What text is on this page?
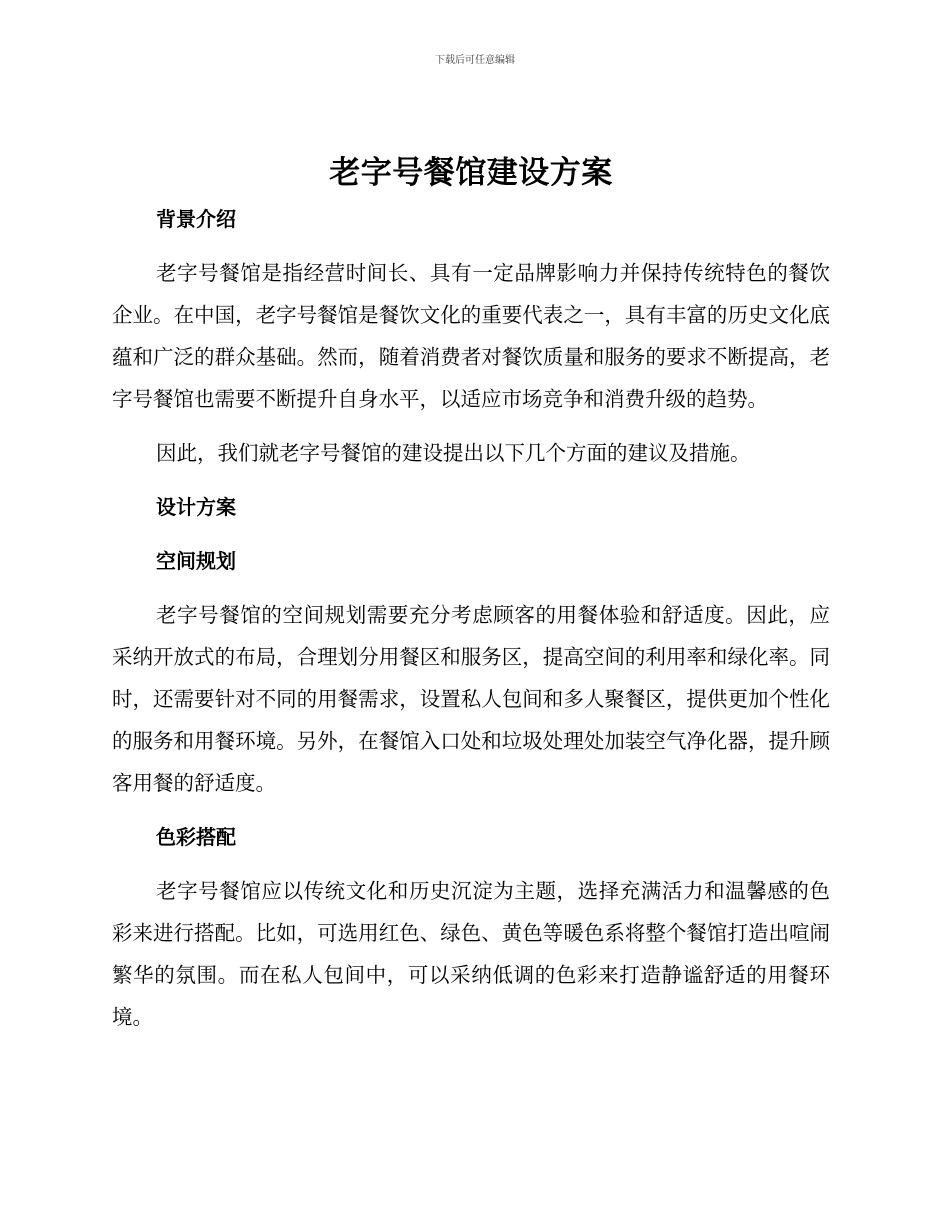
下载后可任意编辑
老字号餐馆建设方案
背景介绍

老字号餐馆是指经营时间长、具有一定品牌影响力并保持传统特色的餐饮企业。在中国，老字号餐馆是餐饮文化的重要代表之一，具有丰富的历史文化底蕴和广泛的群众基础。然而，随着消费者对餐饮质量和服务的要求不断提高，老字号餐馆也需要不断提升自身水平，以适应市场竞争和消费升级的趋势。

因此，我们就老字号餐馆的建设提出以下几个方面的建议及措施。

设计方案
空间规划

老字号餐馆的空间规划需要充分考虑顾客的用餐体验和舒适度。因此，应采纳开放式的布局，合理划分用餐区和服务区，提高空间的利用率和绿化率。同时，还需要针对不同的用餐需求，设置私人包间和多人聚餐区，提供更加个性化的服务和用餐环境。另外，在餐馆入口处和垃圾处理处加装空气净化器，提升顾客用餐的舒适度。

色彩搭配

老字号餐馆应以传统文化和历史沉淀为主题，选择充满活力和温馨感的色彩来进行搭配。比如，可选用红色、绿色、黄色等暖色系将整个餐馆打造出喧闹繁华的氛围。而在私人包间中，可以采纳低调的色彩来打造静谧舒适的用餐环境。
